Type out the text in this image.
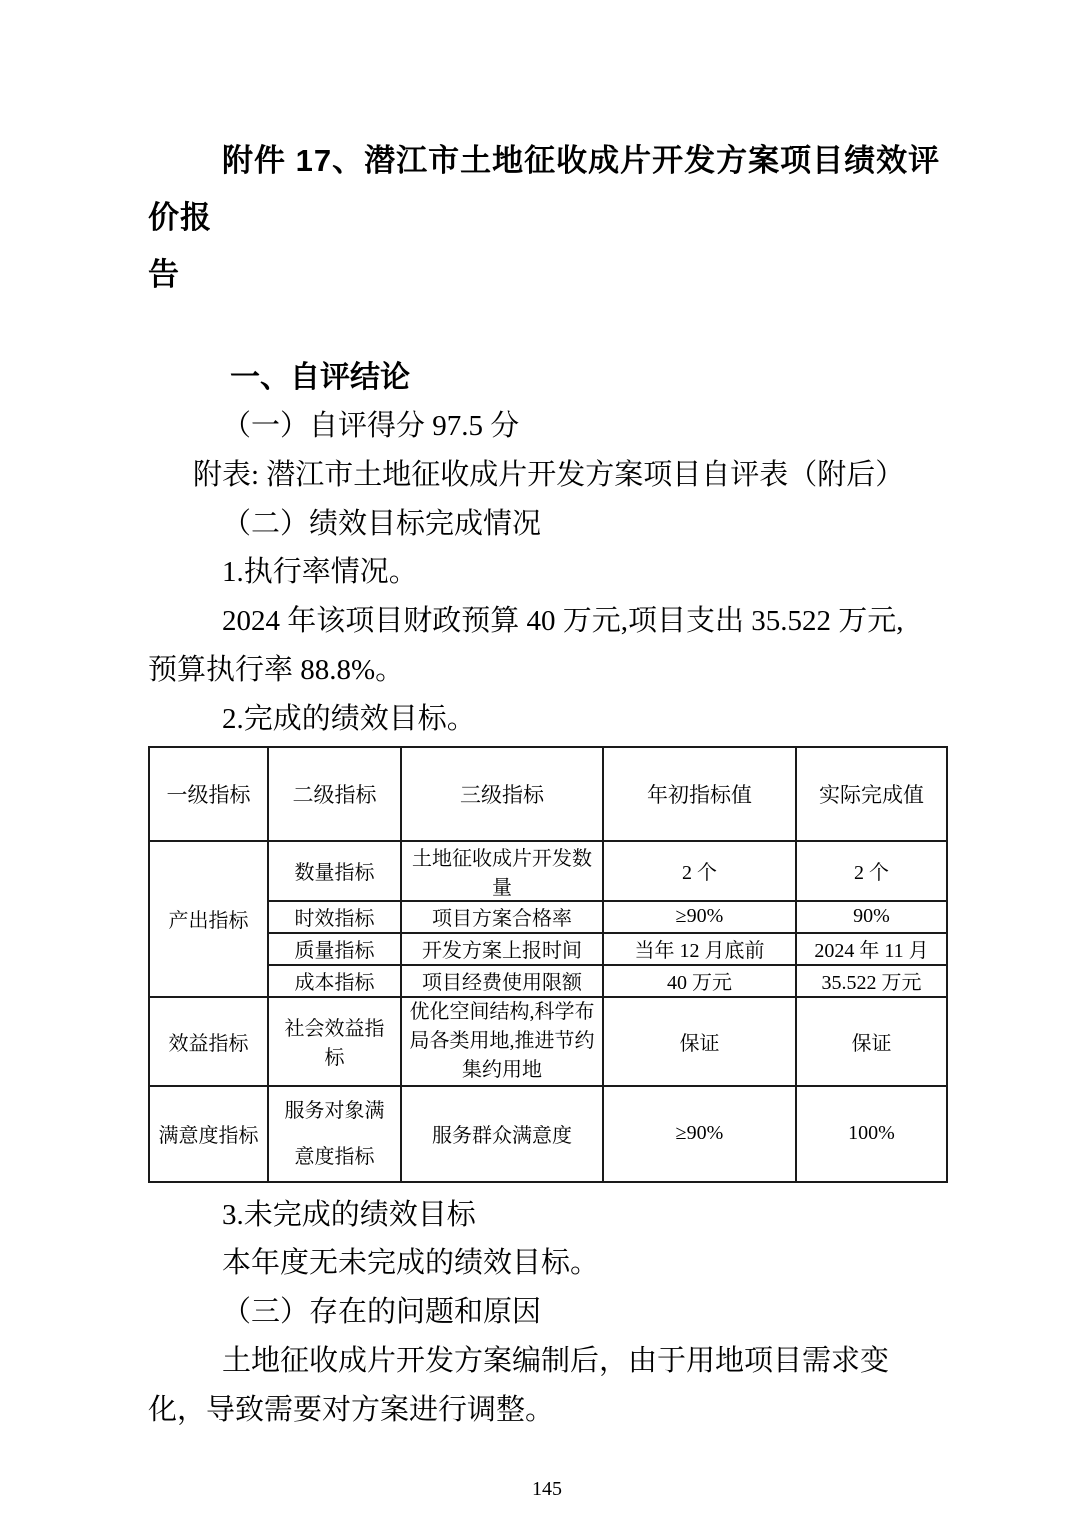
附件 17、潜江市土地征收成片开发方案项目绩效评价报
告
一、自评结论
（一）自评得分 97.5 分
附表: 潜江市土地征收成片开发方案项目自评表（附后）
（二）绩效目标完成情况
1.执行率情况。
2024 年该项目财政预算 40 万元,项目支出 35.522 万元,
预算执行率 88.8%。
2.完成的绩效目标。
一级指标	二级指标	三级指标	年初指标值	实际完成值
产出指标	数量指标	土地征收成片开发数量	2 个	2 个
	时效指标	项目方案合格率	≥90%	90%
	质量指标	开发方案上报时间	当年 12 月底前	2024 年 11 月
	成本指标	项目经费使用限额	40 万元	35.522 万元
效益指标	社会效益指标	优化空间结构,科学布局各类用地,推进节约集约用地	保证	保证
满意度指标	服务对象满意度指标	服务群众满意度	≥90%	100%
3.未完成的绩效目标
本年度无未完成的绩效目标。
（三）存在的问题和原因
土地征收成片开发方案编制后，由于用地项目需求变
化，导致需要对方案进行调整。
145
